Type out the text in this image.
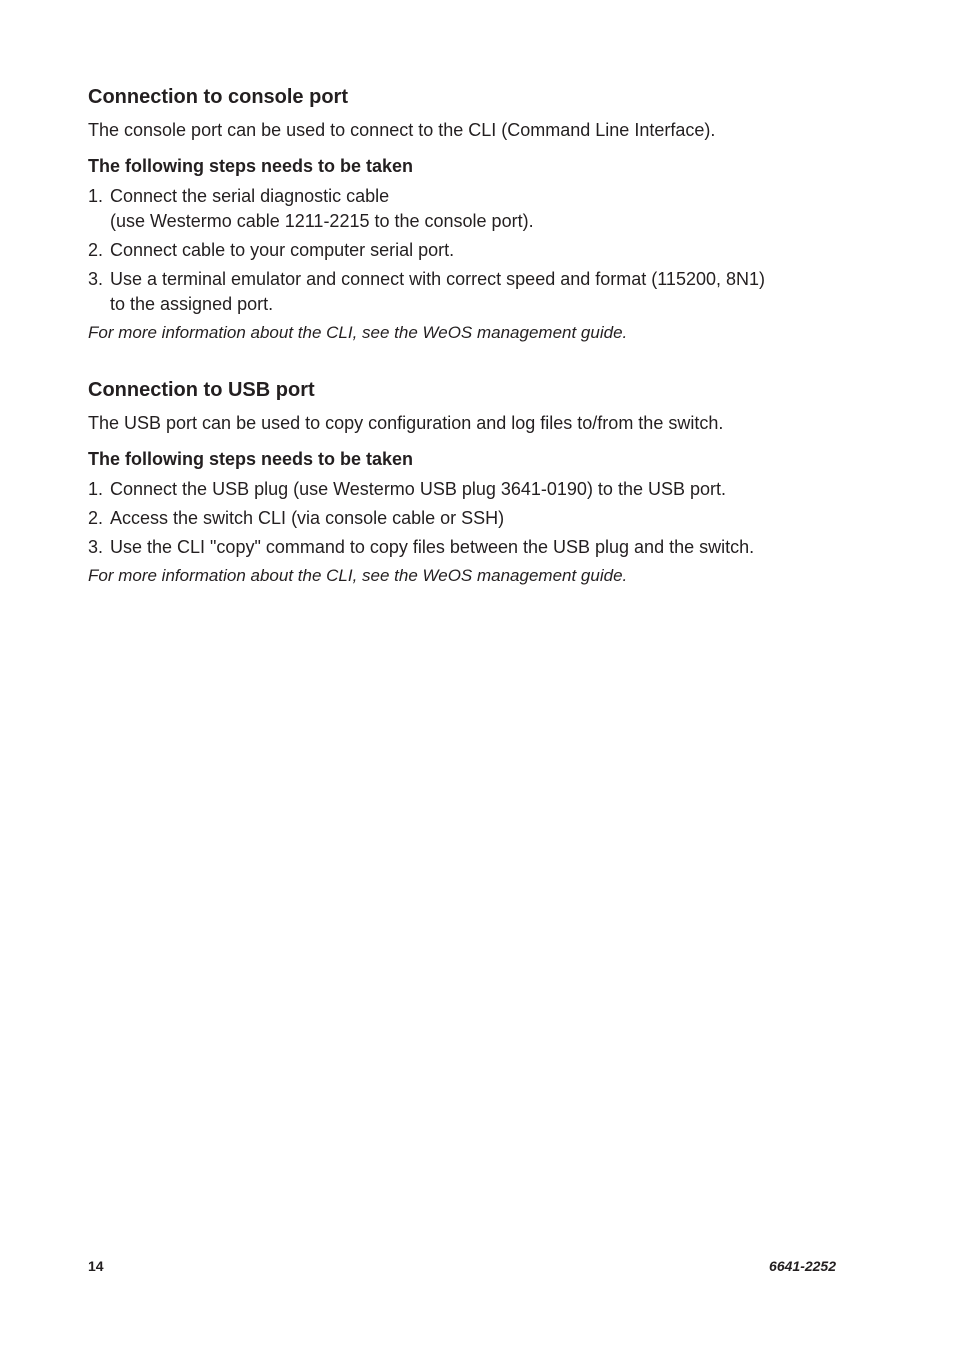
Connection to console port

The console port can be used to connect to the CLI (Command Line Interface).

The following steps needs to be taken
1. Connect the serial diagnostic cable
(use Westermo cable 1211-2215 to the console port).
2. Connect cable to your computer serial port.
3. Use a terminal emulator and connect with correct speed and format (115200, 8N1)
to the assigned port.

For more information about the CLI, see the WeOS management guide.

Connection to USB port

The USB port can be used to copy configuration and log files to/from the switch.

The following steps needs to be taken
1. Connect the USB plug (use Westermo USB plug 3641-0190) to the USB port.
2. Access the switch CLI (via console cable or SSH)
3. Use the CLI "copy" command to copy files between the USB plug and the switch.

For more information about the CLI, see the WeOS management guide.

14	6641-2252
